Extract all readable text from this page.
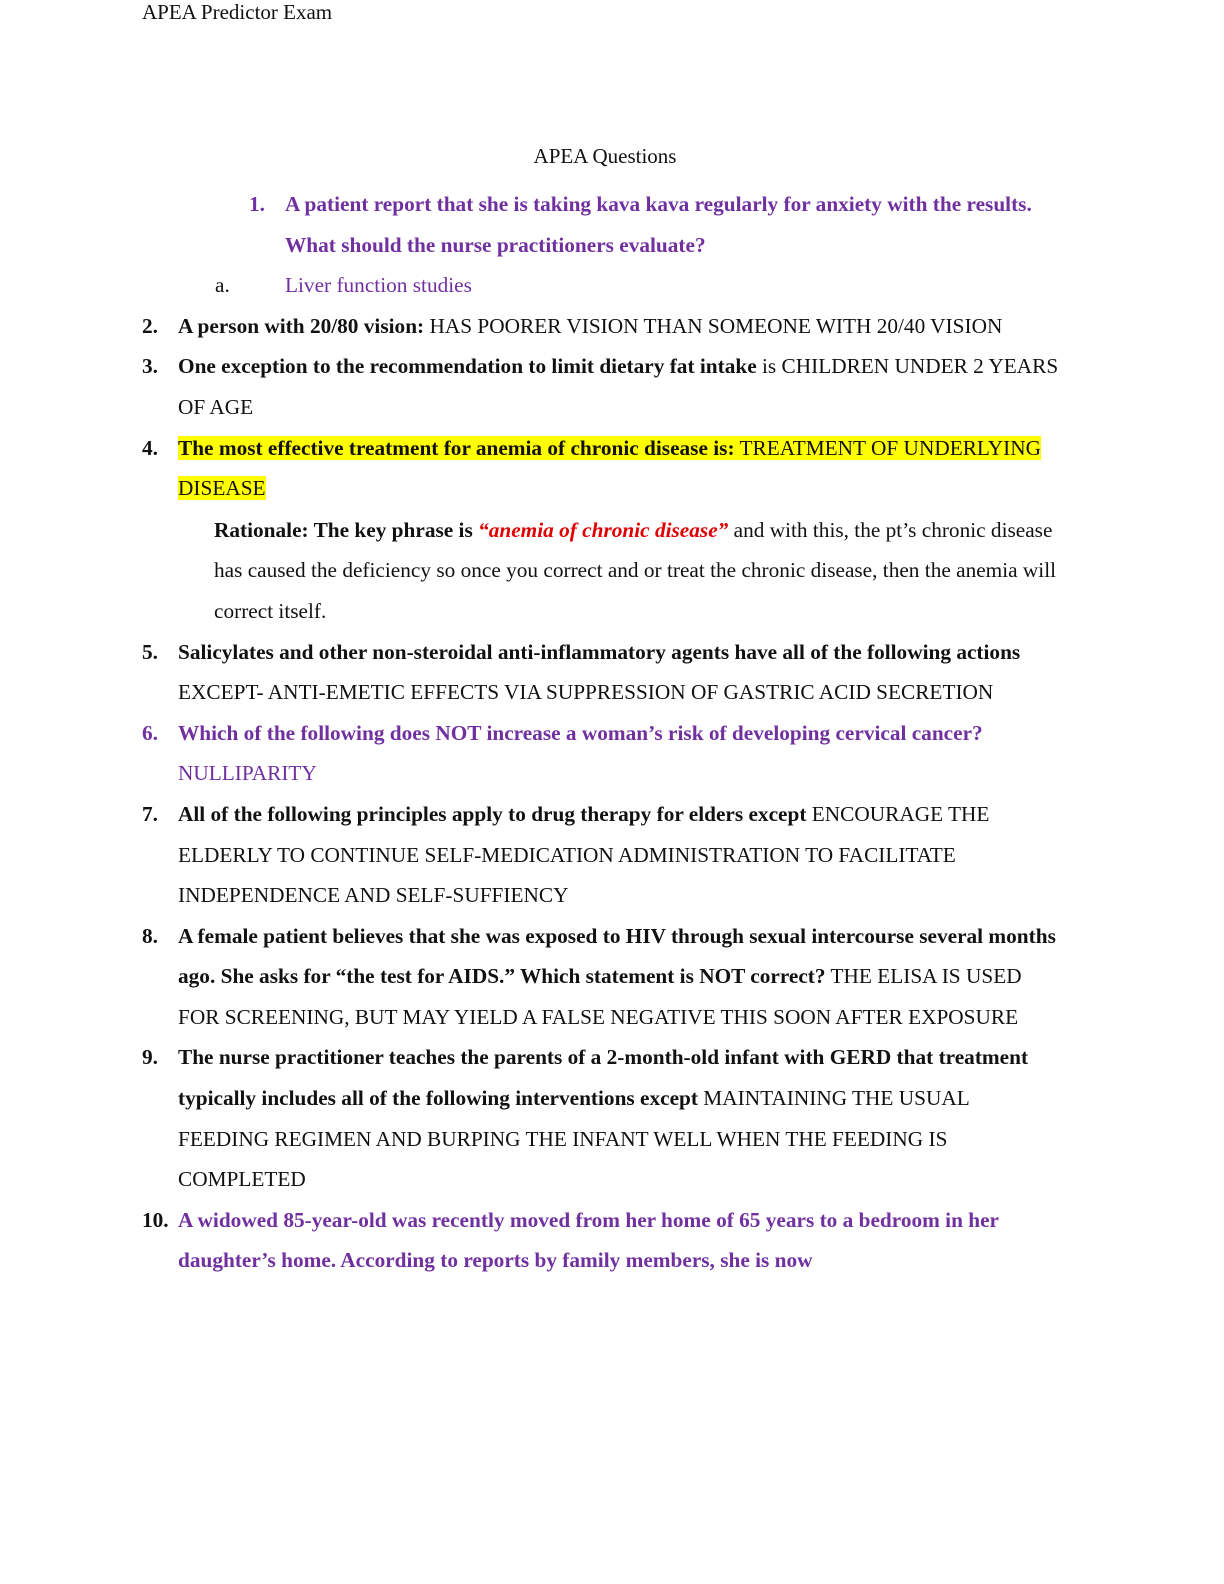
APEA Predictor Exam
APEA Questions
1. A patient report that she is taking kava kava regularly for anxiety with the results. What should the nurse practitioners evaluate?
a.	Liver function studies
2. A person with 20/80 vision: HAS POORER VISION THAN SOMEONE WITH 20/40 VISION
3. One exception to the recommendation to limit dietary fat intake is CHILDREN UNDER 2 YEARS OF AGE
4. The most effective treatment for anemia of chronic disease is: TREATMENT OF UNDERLYING DISEASE
Rationale: The key phrase is “anemia of chronic disease” and with this, the pt’s chronic disease has caused the deficiency so once you correct and or treat the chronic disease, then the anemia will correct itself.
5. Salicylates and other non-steroidal anti-inflammatory agents have all of the following actions EXCEPT- ANTI-EMETIC EFFECTS VIA SUPPRESSION OF GASTRIC ACID SECRETION
6. Which of the following does NOT increase a woman’s risk of developing cervical cancer? NULLIPARITY
7. All of the following principles apply to drug therapy for elders except ENCOURAGE THE ELDERLY TO CONTINUE SELF-MEDICATION ADMINISTRATION TO FACILITATE INDEPENDENCE AND SELF-SUFFIENCY
8. A female patient believes that she was exposed to HIV through sexual intercourse several months ago. She asks for “the test for AIDS.” Which statement is NOT correct? THE ELISA IS USED FOR SCREENING, BUT MAY YIELD A FALSE NEGATIVE THIS SOON AFTER EXPOSURE
9. The nurse practitioner teaches the parents of a 2-month-old infant with GERD that treatment typically includes all of the following interventions except MAINTAINING THE USUAL FEEDING REGIMEN AND BURPING THE INFANT WELL WHEN THE FEEDING IS COMPLETED
10. A widowed 85-year-old was recently moved from her home of 65 years to a bedroom in her daughter’s home. According to reports by family members, she is now
